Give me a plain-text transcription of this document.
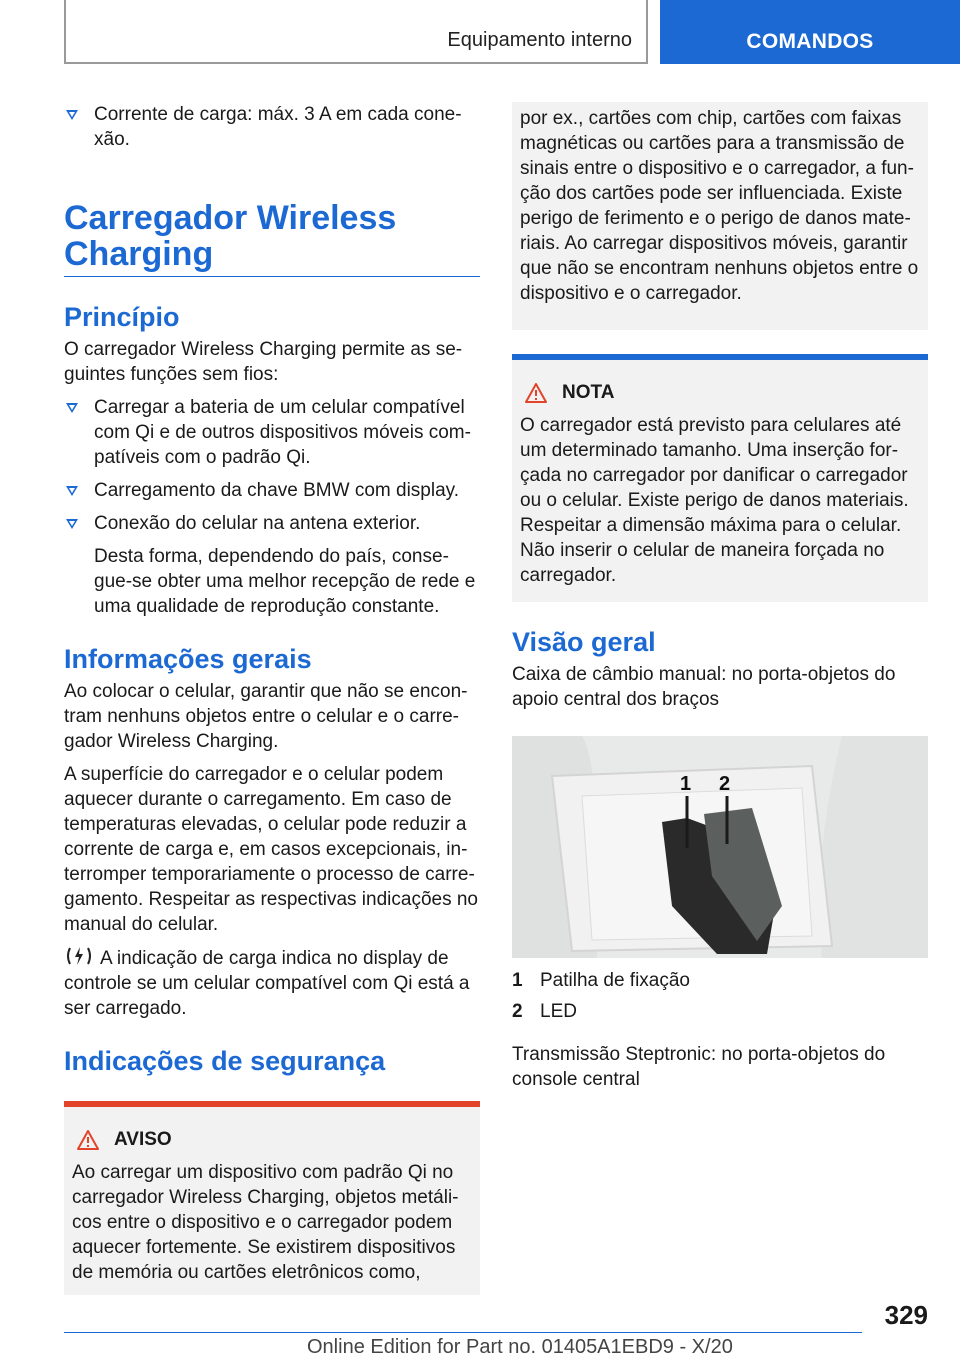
Equipamento interno	COMANDOS
Corrente de carga: máx. 3 A em cada conexão.
Carregador Wireless Charging
Princípio

O carregador Wireless Charging permite as seguintes funções sem fios:

Carregar a bateria de um celular compatível com Qi e de outros dispositivos móveis compatíveis com o padrão Qi.
Carregamento da chave BMW com display.
Conexão do celular na antena exterior.

Desta forma, dependendo do país, consegue-se obter uma melhor recepção de rede e uma qualidade de reprodução constante.

Informações gerais

Ao colocar o celular, garantir que não se encontram nenhuns objetos entre o celular e o carregador Wireless Charging.

A superfície do carregador e o celular podem aquecer durante o carregamento. Em caso de temperaturas elevadas, o celular pode reduzir a corrente de carga e, em casos excepcionais, interromper temporariamente o processo de carregamento. Respeitar as respectivas indicações no manual do celular.

A indicação de carga indica no display de controle se um celular compatível com Qi está a ser carregado.

Indicações de segurança
AVISO

Ao carregar um dispositivo com padrão Qi no carregador Wireless Charging, objetos metálicos entre o dispositivo e o carregador podem aquecer fortemente. Se existirem dispositivos de memória ou cartões eletrônicos como,

por ex., cartões com chip, cartões com faixas magnéticas ou cartões para a transmissão de sinais entre o dispositivo e o carregador, a função dos cartões pode ser influenciada. Existe perigo de ferimento e o perigo de danos materiais. Ao carregar dispositivos móveis, garantir que não se encontram nenhuns objetos entre o dispositivo e o carregador.

NOTA

O carregador está previsto para celulares até um determinado tamanho. Uma inserção forçada no carregador por danificar o carregador ou o celular. Existe perigo de danos materiais. Respeitar a dimensão máxima para o celular. Não inserir o celular de maneira forçada no carregador.

Visão geral

Caixa de câmbio manual: no porta-objetos do apoio central dos braços

1 2
1 Patilha de fixação
2 LED

Transmissão Steptronic: no porta-objetos do console central

329
Online Edition for Part no. 01405A1EBD9 - X/20
